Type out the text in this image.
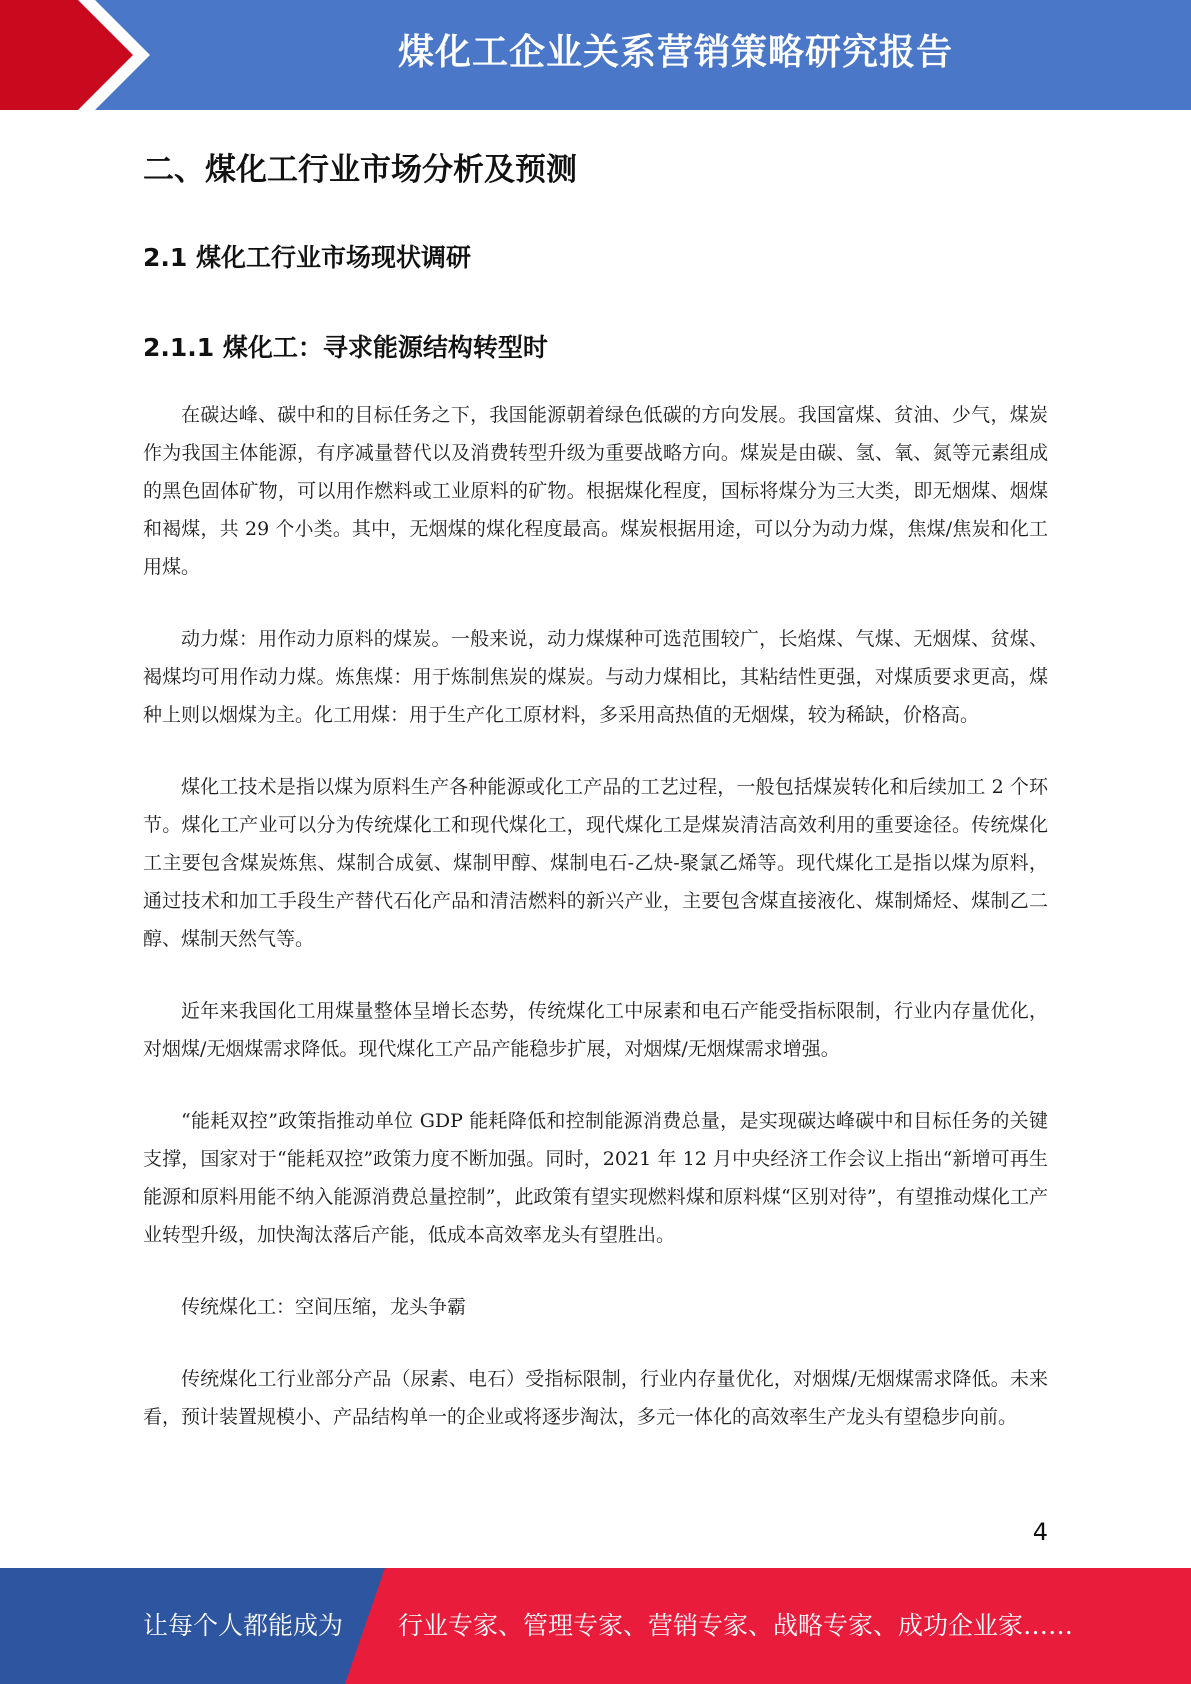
煤化工企业关系营销策略研究报告
二、煤化工行业市场分析及预测
2.1 煤化工行业市场现状调研
2.1.1 煤化工：寻求能源结构转型时

在碳达峰、碳中和的目标任务之下，我国能源朝着绿色低碳的方向发展。我国富煤、贫油、少气，煤炭作为我国主体能源，有序减量替代以及消费转型升级为重要战略方向。煤炭是由碳、氢、氧、氮等元素组成的黑色固体矿物，可以用作燃料或工业原料的矿物。根据煤化程度，国标将煤分为三大类，即无烟煤、烟煤和褐煤，共 29 个小类。其中，无烟煤的煤化程度最高。煤炭根据用途，可以分为动力煤，焦煤/焦炭和化工用煤。

动力煤：用作动力原料的煤炭。一般来说，动力煤煤种可选范围较广，长焰煤、气煤、无烟煤、贫煤、褐煤均可用作动力煤。炼焦煤：用于炼制焦炭的煤炭。与动力煤相比，其粘结性更强，对煤质要求更高，煤种上则以烟煤为主。化工用煤：用于生产化工原材料，多采用高热值的无烟煤，较为稀缺，价格高。

煤化工技术是指以煤为原料生产各种能源或化工产品的工艺过程，一般包括煤炭转化和后续加工 2 个环节。煤化工产业可以分为传统煤化工和现代煤化工，现代煤化工是煤炭清洁高效利用的重要途径。传统煤化工主要包含煤炭炼焦、煤制合成氨、煤制甲醇、煤制电石-乙炔-聚氯乙烯等。现代煤化工是指以煤为原料，通过技术和加工手段生产替代石化产品和清洁燃料的新兴产业，主要包含煤直接液化、煤制烯烃、煤制乙二醇、煤制天然气等。

近年来我国化工用煤量整体呈增长态势，传统煤化工中尿素和电石产能受指标限制，行业内存量优化，对烟煤/无烟煤需求降低。现代煤化工产品产能稳步扩展，对烟煤/无烟煤需求增强。

“能耗双控”政策指推动单位 GDP 能耗降低和控制能源消费总量，是实现碳达峰碳中和目标任务的关键支撑，国家对于“能耗双控”政策力度不断加强。同时，2021 年 12 月中央经济工作会议上指出“新增可再生能源和原料用能不纳入能源消费总量控制”，此政策有望实现燃料煤和原料煤“区别对待”，有望推动煤化工产业转型升级，加快淘汰落后产能，低成本高效率龙头有望胜出。

传统煤化工：空间压缩，龙头争霸

传统煤化工行业部分产品（尿素、电石）受指标限制，行业内存量优化，对烟煤/无烟煤需求降低。未来看，预计装置规模小、产品结构单一的企业或将逐步淘汰，多元一体化的高效率生产龙头有望稳步向前。

4
让每个人都能成为 行业专家、管理专家、营销专家、战略专家、成功企业家……
